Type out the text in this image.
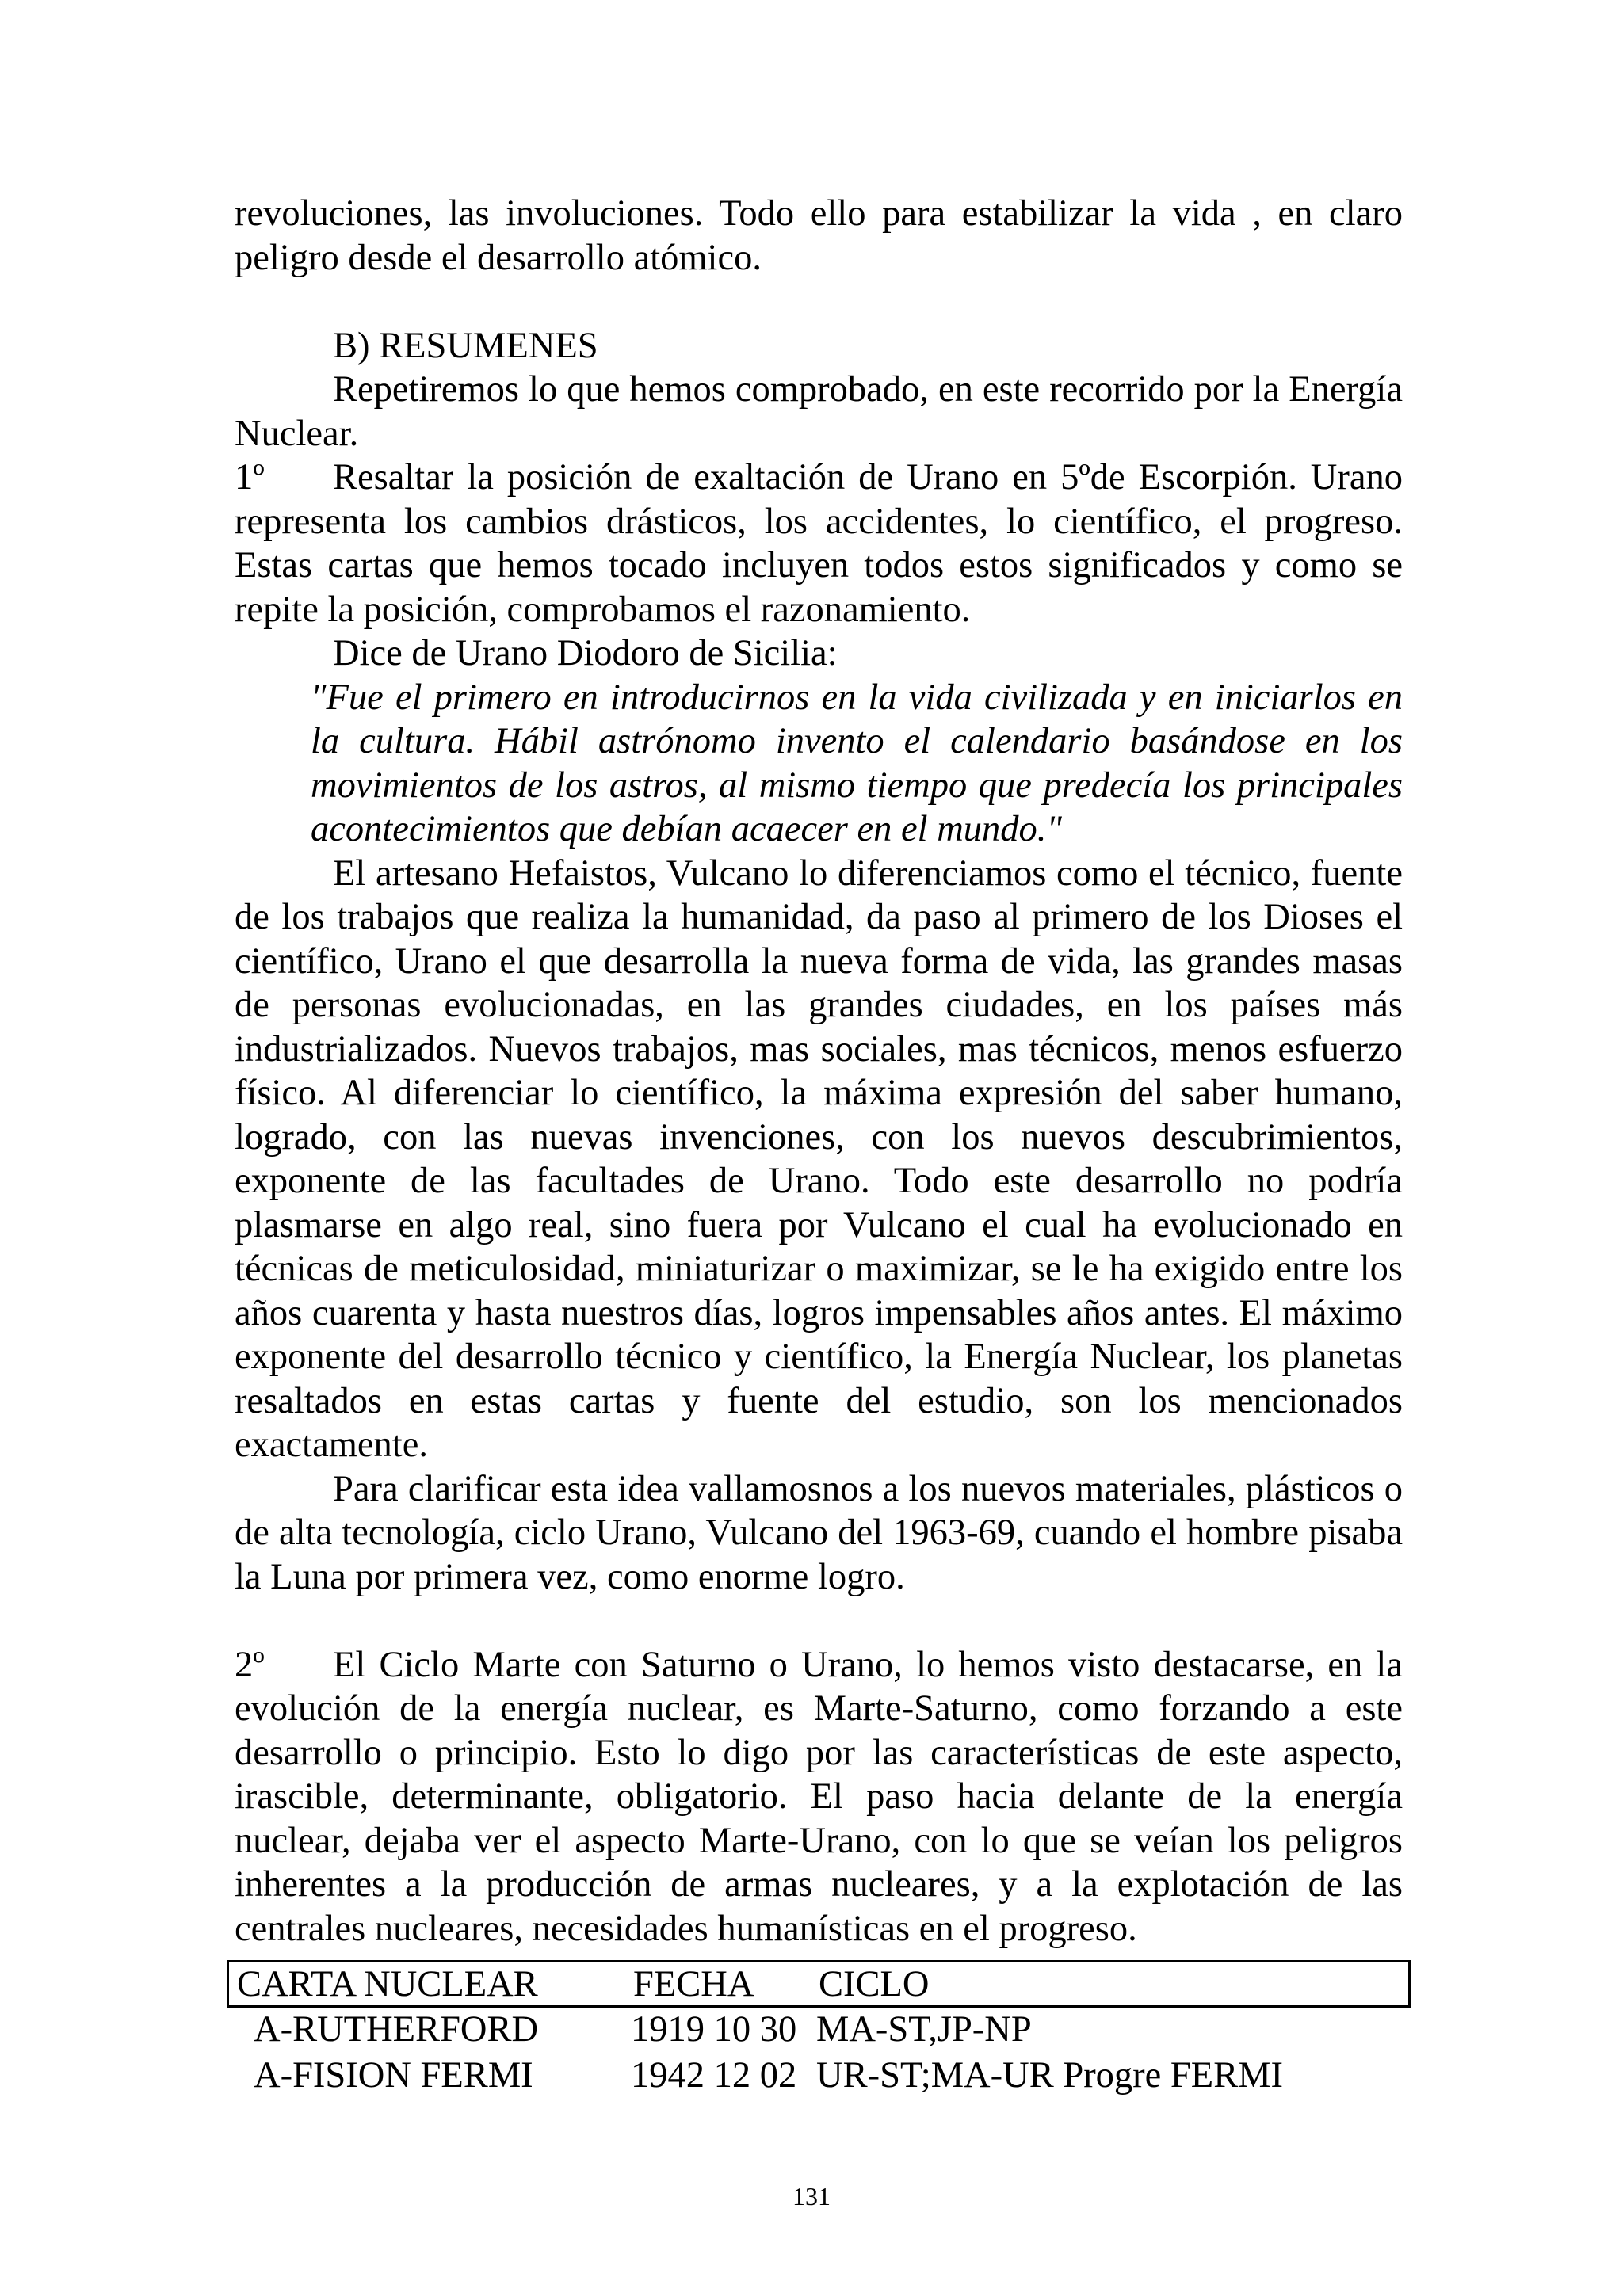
revoluciones, las involuciones. Todo ello para estabilizar la vida , en claro peligro desde el desarrollo atómico.

B) RESUMENES

Repetiremos lo que hemos comprobado, en este recorrido por la Energía Nuclear.

1º Resaltar la posición de exaltación de Urano en 5ºde Escorpión. Urano representa los cambios drásticos, los accidentes, lo científico, el progreso. Estas cartas que hemos tocado incluyen todos estos significados y como se repite la posición, comprobamos el razonamiento.

Dice de Urano Diodoro de Sicilia:

"Fue el primero en introducirnos en la vida civilizada y en iniciarlos en la cultura. Hábil astrónomo invento el calendario basándose en los movimientos de los astros, al mismo tiempo que predecía los principales acontecimientos que debían acaecer en el mundo."

El artesano Hefaistos, Vulcano lo diferenciamos como el técnico, fuente de los trabajos que realiza la humanidad, da paso al primero de los Dioses el científico, Urano el que desarrolla la nueva forma de vida, las grandes masas de personas evolucionadas, en las grandes ciudades, en los países más industrializados. Nuevos trabajos, mas sociales, mas técnicos, menos esfuerzo físico. Al diferenciar lo científico, la máxima expresión del saber humano, logrado, con las nuevas invenciones, con los nuevos descubrimientos, exponente de las facultades de Urano. Todo este desarrollo no podría plasmarse en algo real, sino fuera por Vulcano el cual ha evolucionado en técnicas de meticulosidad, miniaturizar o maximizar, se le ha exigido entre los años cuarenta y hasta nuestros días, logros impensables años antes. El máximo exponente del desarrollo técnico y científico, la Energía Nuclear, los planetas resaltados en estas cartas y fuente del estudio, son los mencionados exactamente.

Para clarificar esta idea vallamosnos a los nuevos materiales, plásticos o de alta tecnología, ciclo Urano, Vulcano del 1963-69, cuando el hombre pisaba la Luna por primera vez, como enorme logro.

2º El Ciclo Marte con Saturno o Urano, lo hemos visto destacarse, en la evolución de la energía nuclear, es Marte-Saturno, como forzando a este desarrollo o principio. Esto lo digo por las características de este aspecto, irascible, determinante, obligatorio. El paso hacia delante de la energía nuclear, dejaba ver el aspecto Marte-Urano, con lo que se veían los peligros inherentes a la producción de armas nucleares, y a la explotación de las centrales nucleares, necesidades humanísticas en el progreso.

CARTA NUCLEAR	FECHA CICLO
A-RUTHERFORD	1919 10 30 MA-ST,JP-NP
A-FISION FERMI	1942 12 02 UR-ST;MA-UR Progre FERMI
131
